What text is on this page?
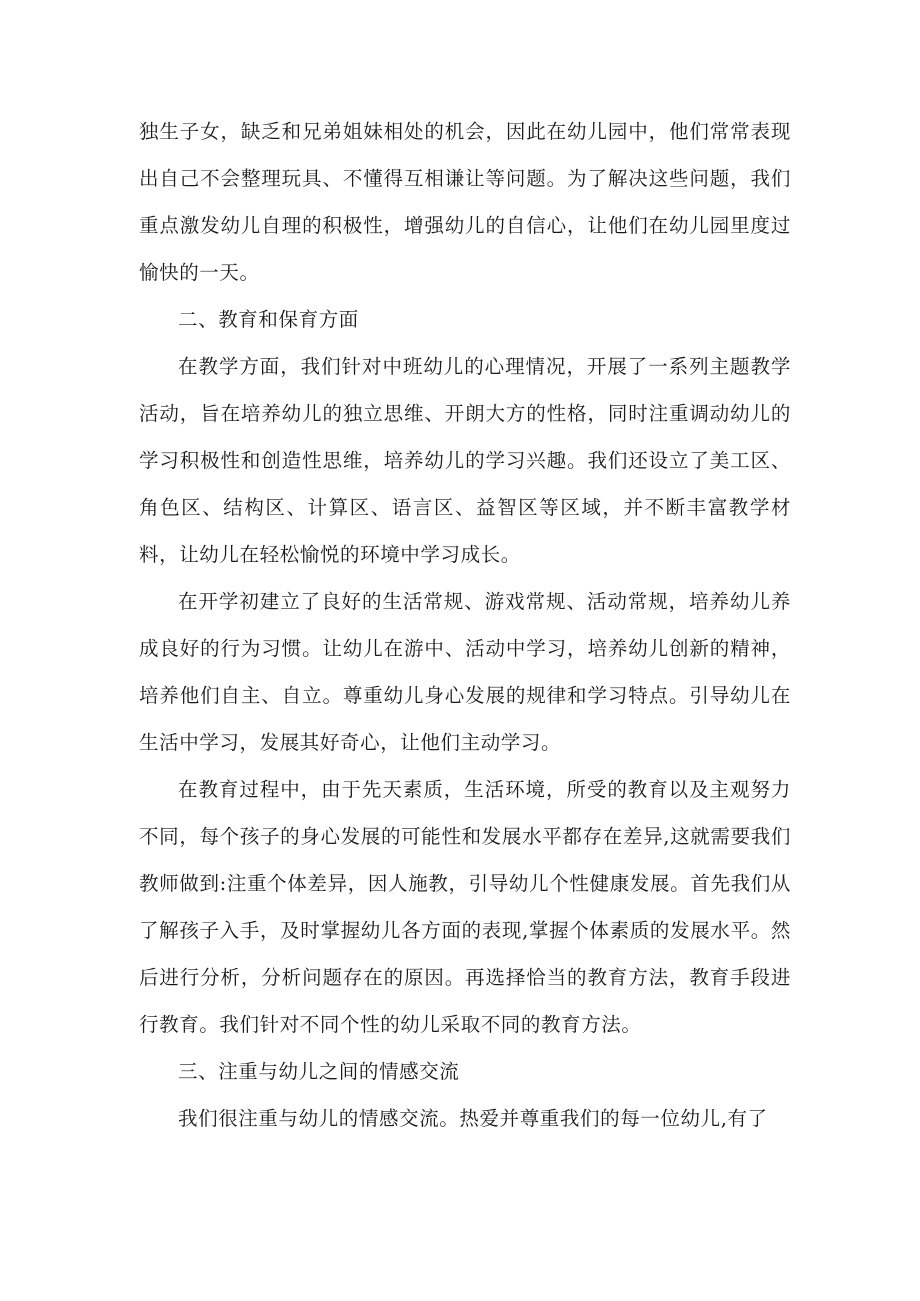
独生子女，缺乏和兄弟姐妹相处的机会，因此在幼儿园中，他们常常表现出自己不会整理玩具、不懂得互相谦让等问题。为了解决这些问题，我们重点激发幼儿自理的积极性，增强幼儿的自信心，让他们在幼儿园里度过愉快的一天。

二、教育和保育方面

在教学方面，我们针对中班幼儿的心理情况，开展了一系列主题教学活动，旨在培养幼儿的独立思维、开朗大方的性格，同时注重调动幼儿的学习积极性和创造性思维，培养幼儿的学习兴趣。我们还设立了美工区、角色区、结构区、计算区、语言区、益智区等区域，并不断丰富教学材料，让幼儿在轻松愉悦的环境中学习成长。

在开学初建立了良好的生活常规、游戏常规、活动常规，培养幼儿养成良好的行为习惯。让幼儿在游中、活动中学习，培养幼儿创新的精神，培养他们自主、自立。尊重幼儿身心发展的规律和学习特点。引导幼儿在生活中学习，发展其好奇心，让他们主动学习。

在教育过程中，由于先天素质，生活环境，所受的教育以及主观努力不同，每个孩子的身心发展的可能性和发展水平都存在差异,这就需要我们教师做到:注重个体差异，因人施教，引导幼儿个性健康发展。首先我们从了解孩子入手，及时掌握幼儿各方面的表现,掌握个体素质的发展水平。然后进行分析，分析问题存在的原因。再选择恰当的教育方法，教育手段进行教育。我们针对不同个性的幼儿采取不同的教育方法。

三、注重与幼儿之间的情感交流

我们很注重与幼儿的情感交流。热爱并尊重我们的每一位幼儿,有了
